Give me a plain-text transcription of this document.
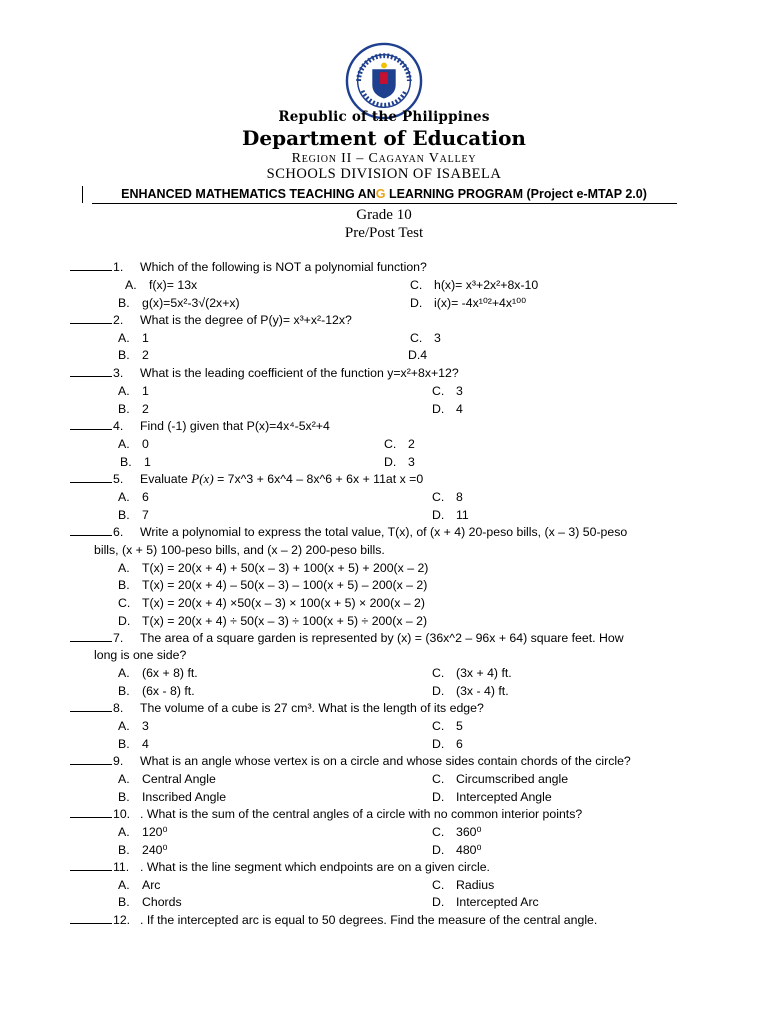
Republic of the Philippines
Department of Education
Region II – Cagayan Valley
SCHOOLS DIVISION OF ISABELA
ENHANCED MATHEMATICS TEACHING ANG LEARNING PROGRAM (Project e-MTAP 2.0)
Grade 10
Pre/Post Test
1. Which of the following is NOT a polynomial function?
A. f(x)= 13x	C. h(x)= x³+2x²+8x-10
B. g(x)=5x²-3√(2x+x)	D. i(x)= -4x¹⁰²+4x¹⁰⁰
2. What is the degree of P(y)= x³+x²-12x?
A. 1	C. 3
B. 2	D.4
3. What is the leading coefficient of the function y=x²+8x+12?
A. 1	C. 3
B. 2	D. 4
4. Find (-1) given that P(x)=4x⁴-5x²+4
A. 0	C. 2
B. 1	D. 3
5. Evaluate P(x) = 7x^3 + 6x^4 – 8x^6 + 6x + 11at x =0
A. 6	C. 8
B. 7	D. 11
6. Write a polynomial to express the total value, T(x), of (x + 4) 20-peso bills, (x – 3) 50-peso
bills, (x + 5) 100-peso bills, and (x – 2) 200-peso bills.
A. T(x) = 20(x + 4) + 50(x – 3) + 100(x + 5) + 200(x – 2)
B. T(x) = 20(x + 4) – 50(x – 3) – 100(x + 5) – 200(x – 2)
C. T(x) = 20(x + 4) ×50(x – 3) × 100(x + 5) × 200(x – 2)
D. T(x) = 20(x + 4) ÷ 50(x – 3) ÷ 100(x + 5) ÷ 200(x – 2)
7. The area of a square garden is represented by (x) = (36x^2 – 96x + 64) square feet. How
long is one side?
A. (6x + 8) ft.	C. (3x + 4) ft.
B. (6x - 8) ft.	D. (3x - 4) ft.
8. The volume of a cube is 27 cm³. What is the length of its edge?
A. 3	C. 5
B. 4	D. 6
9. What is an angle whose vertex is on a circle and whose sides contain chords of the circle?
A. Central Angle	C. Circumscribed angle
B. Inscribed Angle	D. Intercepted Angle
10. . What is the sum of the central angles of a circle with no common interior points?
A. 120⁰	C. 360⁰
B. 240⁰	D. 480⁰
11. . What is the line segment which endpoints are on a given circle.
A. Arc	C. Radius
B. Chords	D. Intercepted Arc
12. . If the intercepted arc is equal to 50 degrees. Find the measure of the central angle.
